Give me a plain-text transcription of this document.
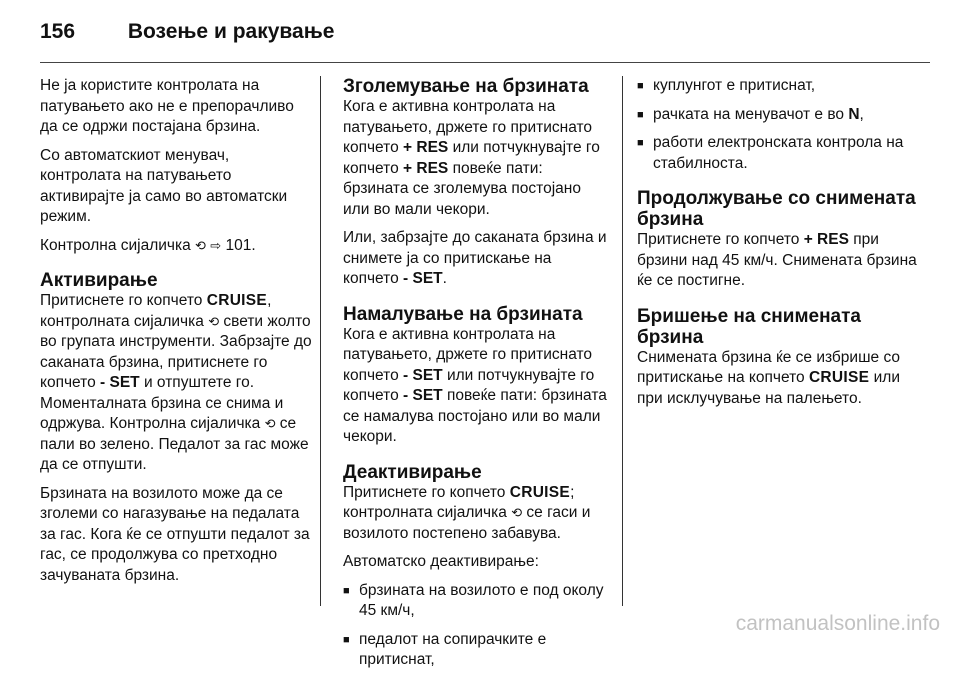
156	Возење и ракување

Не ја користите контролата на патувањето ако не е препорачливо да се одржи постајана брзина.

Со автоматскиот менувач, контролата на патувањето активирајте ја само во автоматски режим.

Контролна сијаличка ⟲ ⇨ 101.

Активирање

Притиснете го копчето CRUISE, контролната сијаличка ⟲ свети жолто во групата инструменти. Забрзајте до саканата брзина, притиснете го копчето - SET и отпуштете го. Моменталната брзина се снима и одржува. Контролна сијаличка ⟲ се пали во зелено. Педалот за гас може да се отпушти.

Брзината на возилото може да се зголеми со нагазување на педалата за гас. Кога ќе се отпушти педалот за гас, се продолжува со претходно зачуваната брзина.

Зголемување на брзината

Кога е активна контролата на патувањето, држете го притиснато копчето + RES или потчукнувајте го копчето + RES повеќе пати: брзината се зголемува постојано или во мали чекори.

Или, забрзајте до саканата брзина и снимете ја со притискање на копчето - SET.

Намалување на брзината

Кога е активна контролата на патувањето, држете го притиснато копчето - SET или потчукнувајте го копчето - SET повеќе пати: брзината се намалува постојано или во мали чекори.

Деактивирање

Притиснете го копчето CRUISE; контролната сијаличка ⟲ се гаси и возилото постепено забавува.

Автоматско деактивирање:

■ брзината на возилото е под околу 45 км/ч,
■ педалот на сопирачките е притиснат,
■ куплунгот е притиснат,
■ рачката на менувачот е во N,
■ работи електронската контрола на стабилноста.
Продолжување со снимената брзина

Притиснете го копчето + RES при брзини над 45 км/ч. Снимената брзина ќе се постигне.

Бришење на снимената брзина

Снимената брзина ќе се избрише со притискање на копчето CRUISE или при исклучување на палењето.

carmanualsonline.info
